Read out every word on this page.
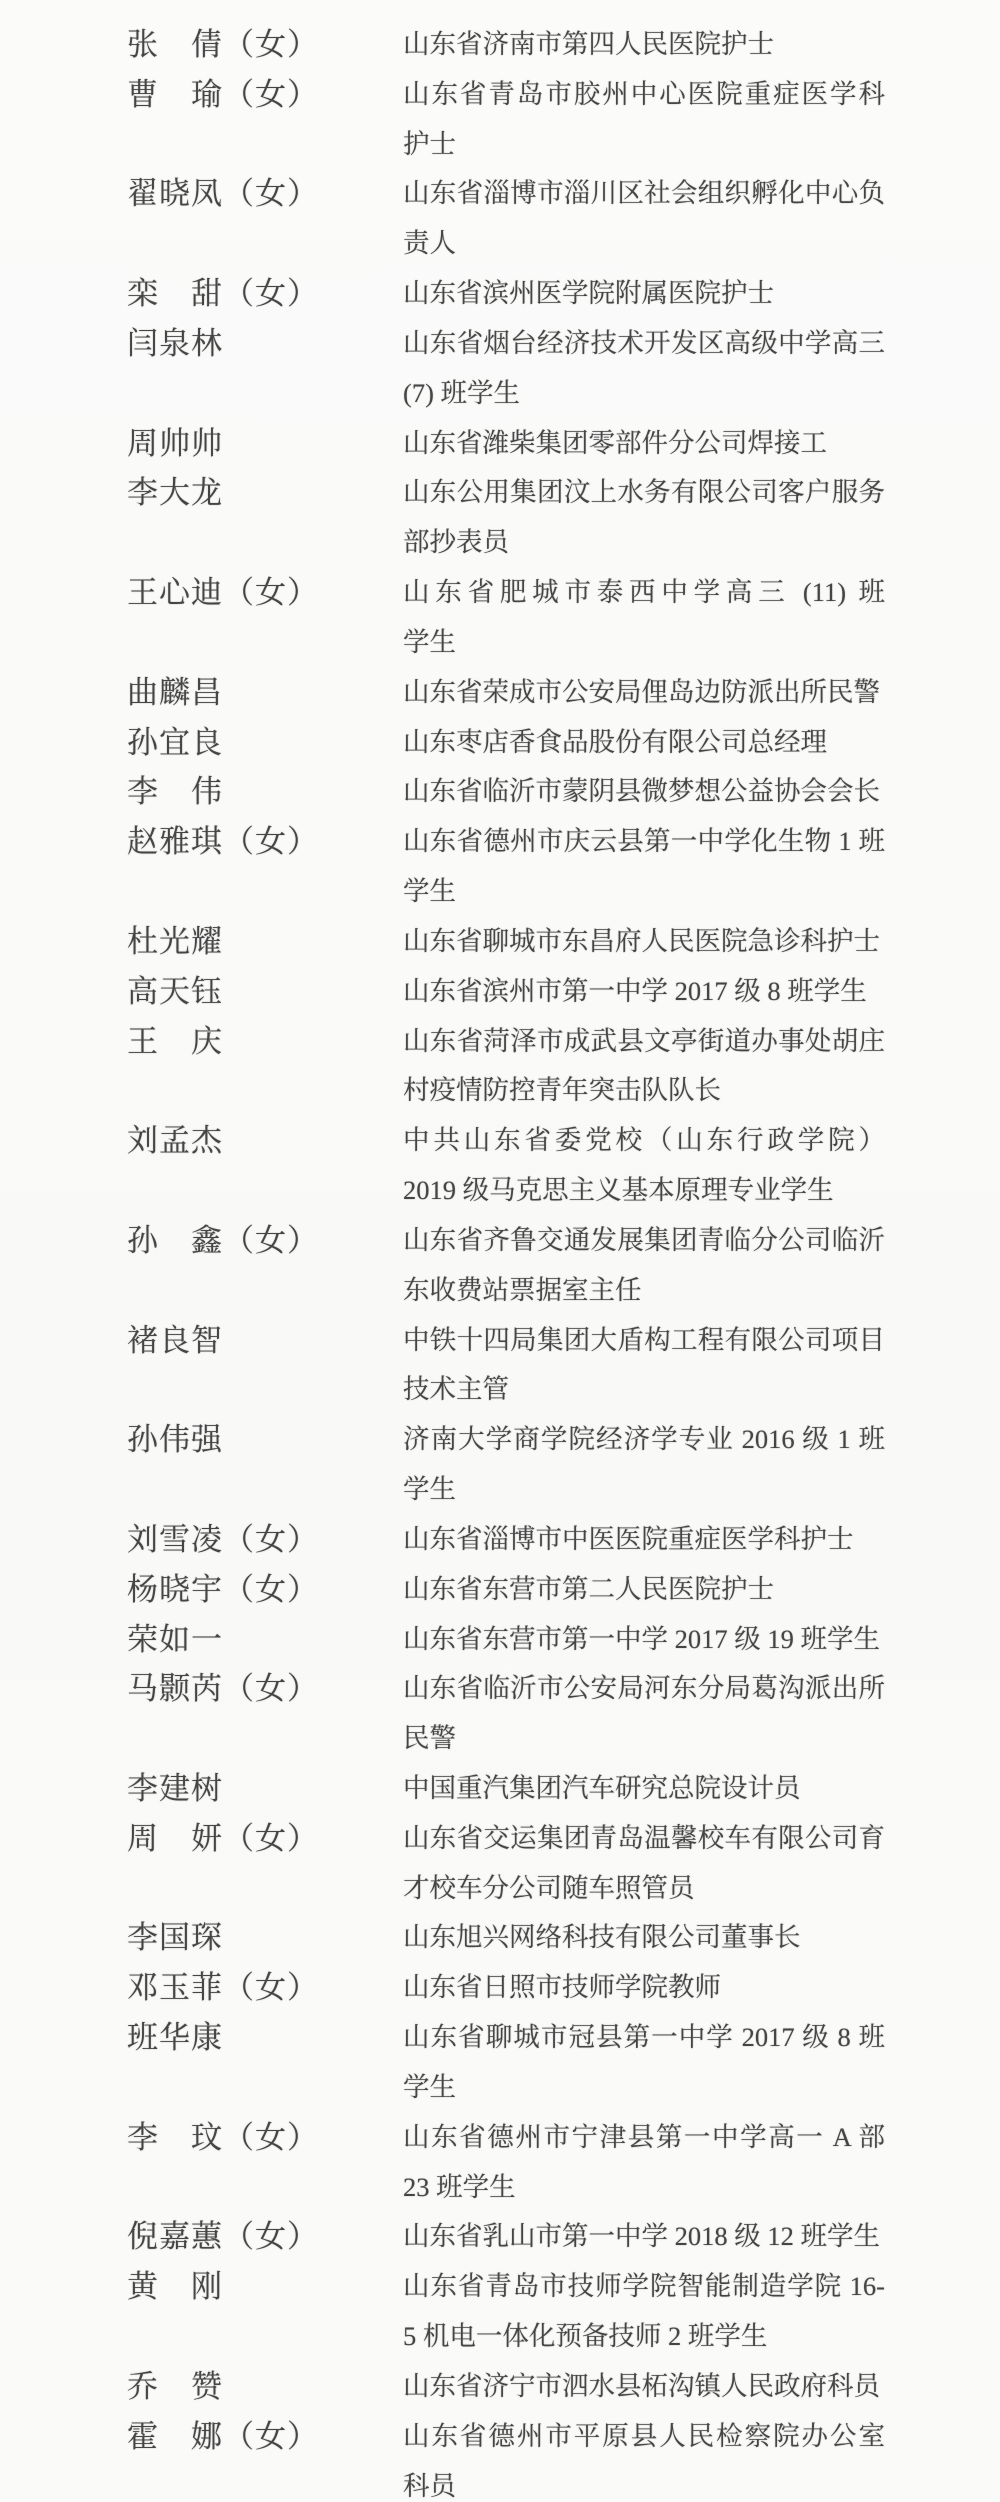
张　倩（女）	山东省济南市第四人民医院护士
曹　瑜（女）	山东省青岛市胶州中心医院重症医学科
护士
翟晓凤（女）	山东省淄博市淄川区社会组织孵化中心负
责人
栾　甜（女）	山东省滨州医学院附属医院护士
闫泉林	山东省烟台经济技术开发区高级中学高三
(7) 班学生
周帅帅	山东省潍柴集团零部件分公司焊接工
李大龙	山东公用集团汶上水务有限公司客户服务
部抄表员
王心迪（女）	山东省肥城市泰西中学高三 (11) 班
学生
曲麟昌	山东省荣成市公安局俚岛边防派出所民警
孙宜良	山东枣店香食品股份有限公司总经理
李　伟	山东省临沂市蒙阴县微梦想公益协会会长
赵雅琪（女）	山东省德州市庆云县第一中学化生物 1 班
学生
杜光耀	山东省聊城市东昌府人民医院急诊科护士
高天钰	山东省滨州市第一中学 2017 级 8 班学生
王　庆	山东省菏泽市成武县文亭街道办事处胡庄
村疫情防控青年突击队队长
刘孟杰	中共山东省委党校（山东行政学院）
2019 级马克思主义基本原理专业学生
孙　鑫（女）	山东省齐鲁交通发展集团青临分公司临沂
东收费站票据室主任
褚良智	中铁十四局集团大盾构工程有限公司项目
技术主管
孙伟强	济南大学商学院经济学专业 2016 级 1 班
学生
刘雪凌（女）	山东省淄博市中医医院重症医学科护士
杨晓宇（女）	山东省东营市第二人民医院护士
荣如一	山东省东营市第一中学 2017 级 19 班学生
马颢芮（女）	山东省临沂市公安局河东分局葛沟派出所
民警
李建树	中国重汽集团汽车研究总院设计员
周　妍（女）	山东省交运集团青岛温馨校车有限公司育
才校车分公司随车照管员
李国琛	山东旭兴网络科技有限公司董事长
邓玉菲（女）	山东省日照市技师学院教师
班华康	山东省聊城市冠县第一中学 2017 级 8 班
学生
李　玟（女）	山东省德州市宁津县第一中学高一 A 部
23 班学生
倪嘉蕙（女）	山东省乳山市第一中学 2018 级 12 班学生
黄　刚	山东省青岛市技师学院智能制造学院 16-
5 机电一体化预备技师 2 班学生
乔　赞	山东省济宁市泗水县柘沟镇人民政府科员
霍　娜（女）	山东省德州市平原县人民检察院办公室
科员
